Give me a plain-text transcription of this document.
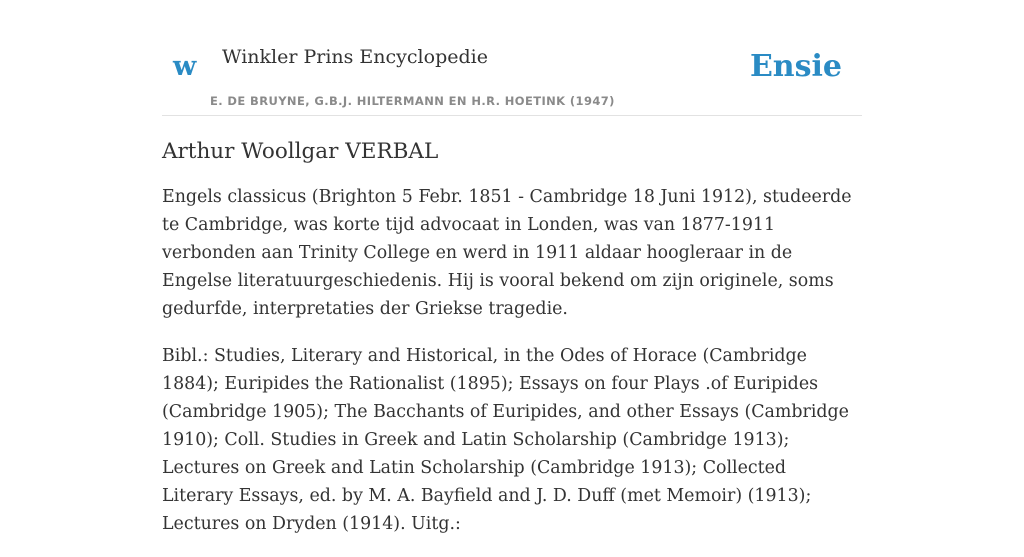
w Winkler Prins Encyclopedie
E. DE BRUYNE, G.B.J. HILTERMANN EN H.R. HOETINK (1947)
Ensie
Arthur Woollgar VERBAL

Engels classicus (Brighton 5 Febr. 1851 - Cambridge 18 Juni 1912), studeerde te Cambridge, was korte tijd advocaat in Londen, was van 1877-1911 verbonden aan Trinity College en werd in 1911 aldaar hoogleraar in de Engelse literatuurgeschiedenis. Hij is vooral bekend om zijn originele, soms gedurfde, interpretaties der Griekse tragedie.

Bibl.: Studies, Literary and Historical, in the Odes of Horace (Cambridge 1884); Euripides the Rationalist (1895); Essays on four Plays .of Euripides (Cambridge 1905); The Bacchants of Euripides, and other Essays (Cambridge 1910); Coll. Studies in Greek and Latin Scholarship (Cambridge 1913); Lectures on Greek and Latin Scholarship (Cambridge 1913); Collected Literary Essays, ed. by M. A. Bayfield and J. D. Duff (met Memoir) (1913); Lectures on Dryden (1914). Uitg.:
